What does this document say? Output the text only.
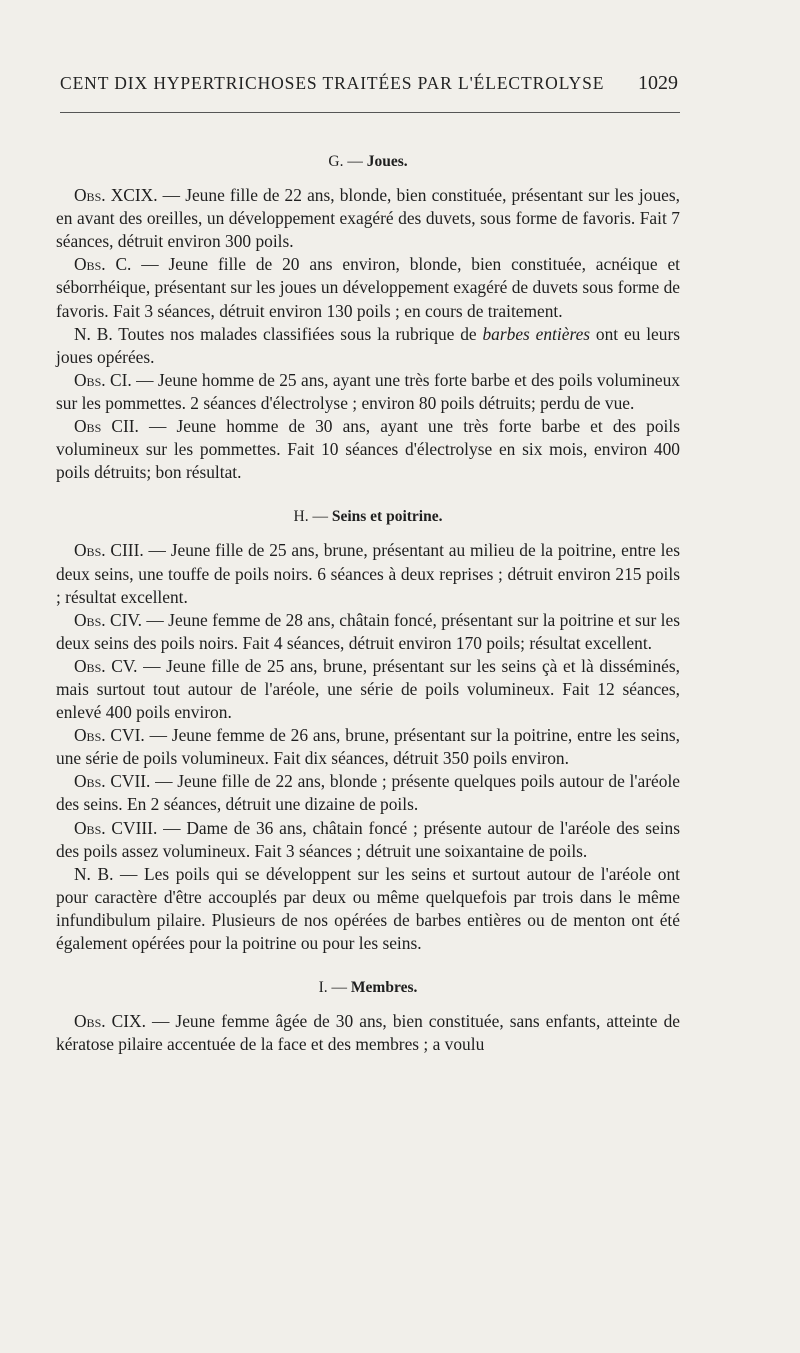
CENT DIX HYPERTRICHOSES TRAITÉES PAR L'ÉLECTROLYSE 1029
G. — Joues.

Obs. XCIX. — Jeune fille de 22 ans, blonde, bien constituée, présentant sur les joues, en avant des oreilles, un développement exagéré des duvets, sous forme de favoris. Fait 7 séances, détruit environ 300 poils.

Obs. C. — Jeune fille de 20 ans environ, blonde, bien constituée, acnéique et séborrhéique, présentant sur les joues un développement exagéré de duvets sous forme de favoris. Fait 3 séances, détruit environ 130 poils ; en cours de traitement.

N. B. Toutes nos malades classifiées sous la rubrique de barbes entières ont eu leurs joues opérées.

Obs. CI. — Jeune homme de 25 ans, ayant une très forte barbe et des poils volumineux sur les pommettes. 2 séances d'électrolyse ; environ 80 poils détruits; perdu de vue.

Obs CII. — Jeune homme de 30 ans, ayant une très forte barbe et des poils volumineux sur les pommettes. Fait 10 séances d'électrolyse en six mois, environ 400 poils détruits; bon résultat.

H. — Seins et poitrine.

Obs. CIII. — Jeune fille de 25 ans, brune, présentant au milieu de la poitrine, entre les deux seins, une touffe de poils noirs. 6 séances à deux reprises ; détruit environ 215 poils ; résultat excellent.

Obs. CIV. — Jeune femme de 28 ans, châtain foncé, présentant sur la poitrine et sur les deux seins des poils noirs. Fait 4 séances, détruit environ 170 poils; résultat excellent.

Obs. CV. — Jeune fille de 25 ans, brune, présentant sur les seins çà et là disséminés, mais surtout tout autour de l'aréole, une série de poils volumineux. Fait 12 séances, enlevé 400 poils environ.

Obs. CVI. — Jeune femme de 26 ans, brune, présentant sur la poitrine, entre les seins, une série de poils volumineux. Fait dix séances, détruit 350 poils environ.

Obs. CVII. — Jeune fille de 22 ans, blonde ; présente quelques poils autour de l'aréole des seins. En 2 séances, détruit une dizaine de poils.

Obs. CVIII. — Dame de 36 ans, châtain foncé ; présente autour de l'aréole des seins des poils assez volumineux. Fait 3 séances ; détruit une soixantaine de poils.

N. B. — Les poils qui se développent sur les seins et surtout autour de l'aréole ont pour caractère d'être accouplés par deux ou même quelquefois par trois dans le même infundibulum pilaire. Plusieurs de nos opérées de barbes entières ou de menton ont été également opérées pour la poitrine ou pour les seins.

I. — Membres.

Obs. CIX. — Jeune femme âgée de 30 ans, bien constituée, sans enfants, atteinte de kératose pilaire accentuée de la face et des membres ; a voulu
